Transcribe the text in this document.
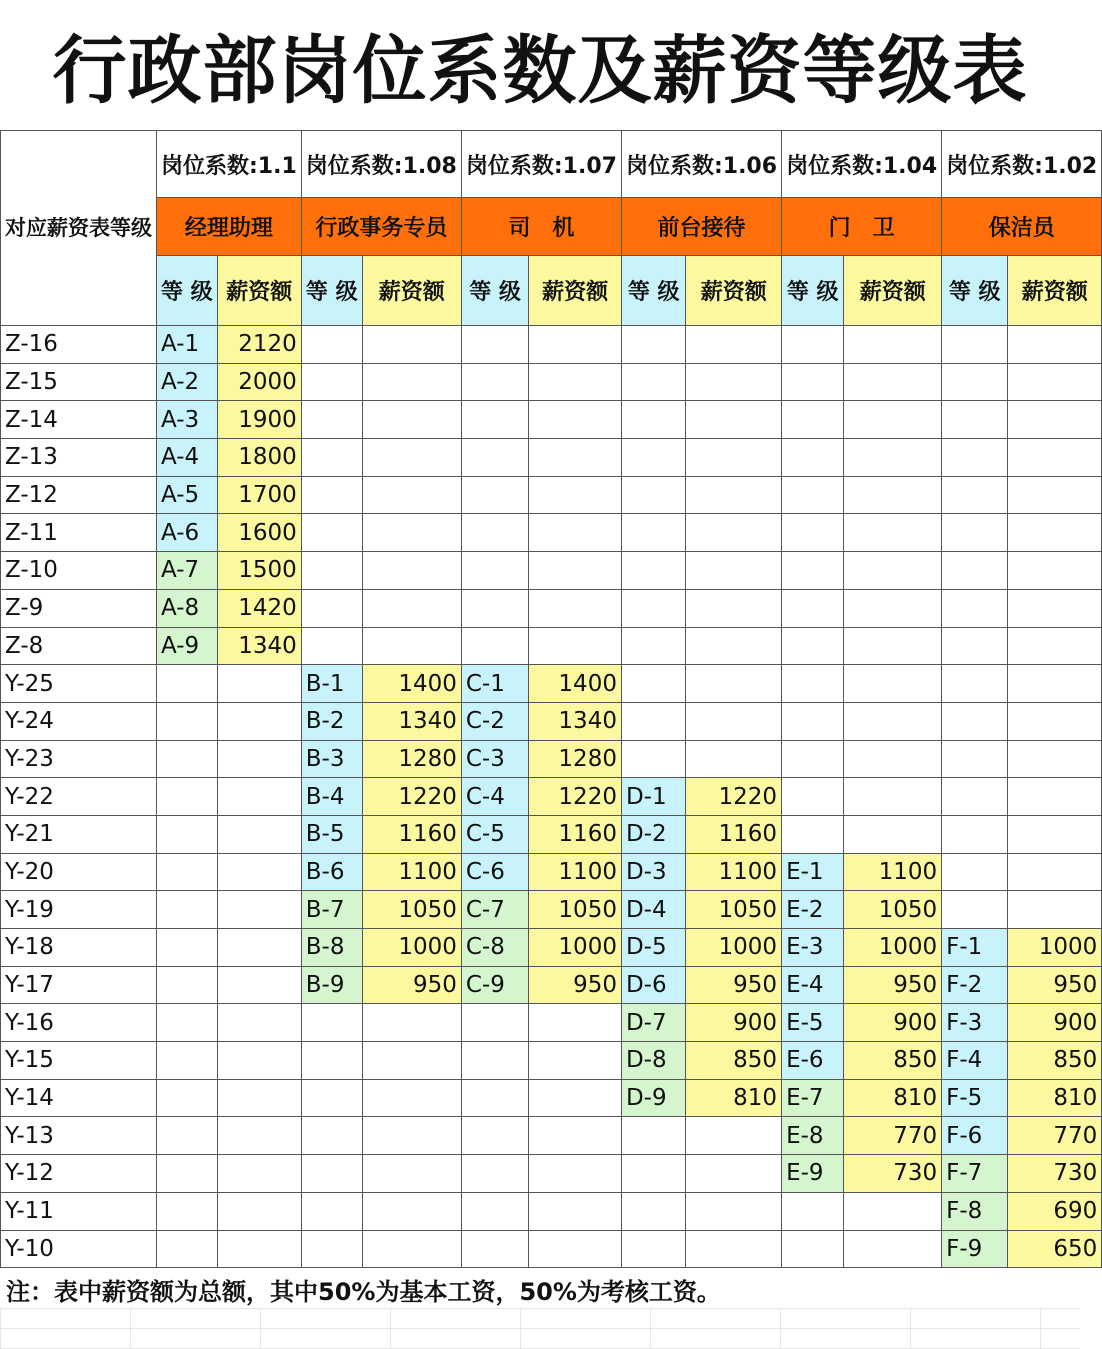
行政部岗位系数及薪资等级表
对应薪资表等级	岗位系数:1.1		岗位系数:1.08		岗位系数:1.07		岗位系数:1.06		岗位系数:1.04		岗位系数:1.02	
	经理助理		行政事务专员		司　机		前台接待		门　卫		保洁员	
	等 级	薪资额	等 级	薪资额	等 级	薪资额	等 级	薪资额	等 级	薪资额	等 级	薪资额
Z-16	A-1	2120										
Z-15	A-2	2000										
Z-14	A-3	1900										
Z-13	A-4	1800										
Z-12	A-5	1700										
Z-11	A-6	1600										
Z-10	A-7	1500										
Z-9	A-8	1420										
Z-8	A-9	1340										
Y-25			B-1	1400	C-1	1400						
Y-24			B-2	1340	C-2	1340						
Y-23			B-3	1280	C-3	1280						
Y-22			B-4	1220	C-4	1220	D-1	1220				
Y-21			B-5	1160	C-5	1160	D-2	1160				
Y-20			B-6	1100	C-6	1100	D-3	1100	E-1	1100		
Y-19			B-7	1050	C-7	1050	D-4	1050	E-2	1050		
Y-18			B-8	1000	C-8	1000	D-5	1000	E-3	1000	F-1	1000
Y-17			B-9	950	C-9	950	D-6	950	E-4	950	F-2	950
Y-16							D-7	900	E-5	900	F-3	900
Y-15							D-8	850	E-6	850	F-4	850
Y-14							D-9	810	E-7	810	F-5	810
Y-13									E-8	770	F-6	770
Y-12									E-9	730	F-7	730
Y-11											F-8	690
Y-10											F-9	650
注：表中薪资额为总额，其中50%为基本工资，50%为考核工资。
